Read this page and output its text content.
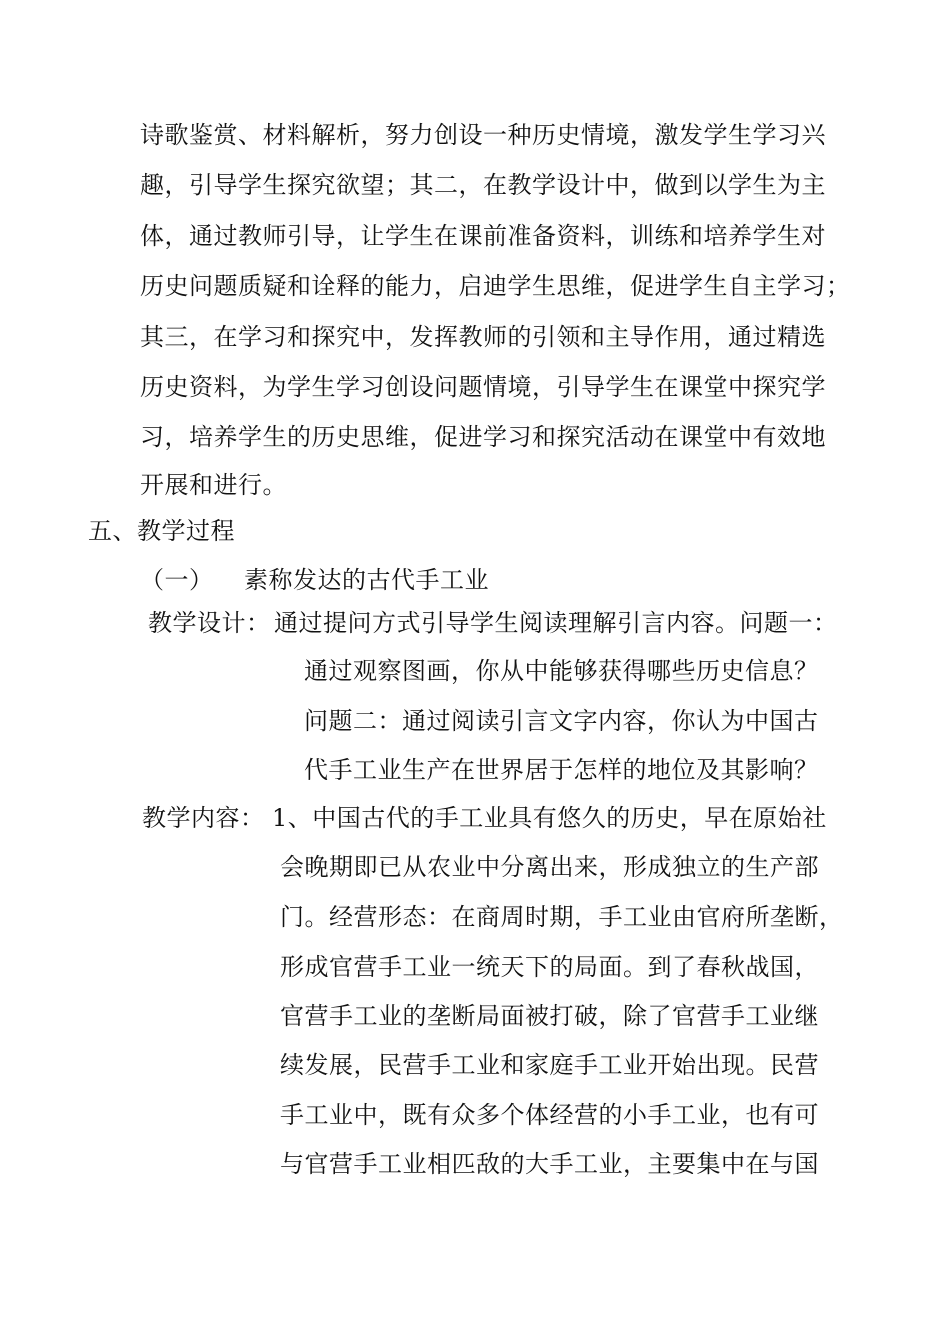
诗歌鉴赏、材料解析，努力创设一种历史情境，激发学生学习兴
趣，引导学生探究欲望；其二，在教学设计中，做到以学生为主
体，通过教师引导，让学生在课前准备资料，训练和培养学生对
历史问题质疑和诠释的能力，启迪学生思维，促进学生自主学习；
其三，在学习和探究中，发挥教师的引领和主导作用，通过精选
历史资料，为学生学习创设问题情境，引导学生在课堂中探究学
习，培养学生的历史思维，促进学习和探究活动在课堂中有效地
开展和进行。
五、教学过程
（一） 素称发达的古代手工业
教学设计： 通过提问方式引导学生阅读理解引言内容。问题一：
通过观察图画，你从中能够获得哪些历史信息？
问题二：通过阅读引言文字内容，你认为中国古
代手工业生产在世界居于怎样的地位及其影响？
教学内容： 1、中国古代的手工业具有悠久的历史，早在原始社
会晚期即已从农业中分离出来，形成独立的生产部
门。经营形态：在商周时期，手工业由官府所垄断，
形成官营手工业一统天下的局面。到了春秋战国，
官营手工业的垄断局面被打破，除了官营手工业继
续发展，民营手工业和家庭手工业开始出现。民营
手工业中，既有众多个体经营的小手工业，也有可
与官营手工业相匹敌的大手工业，主要集中在与国
